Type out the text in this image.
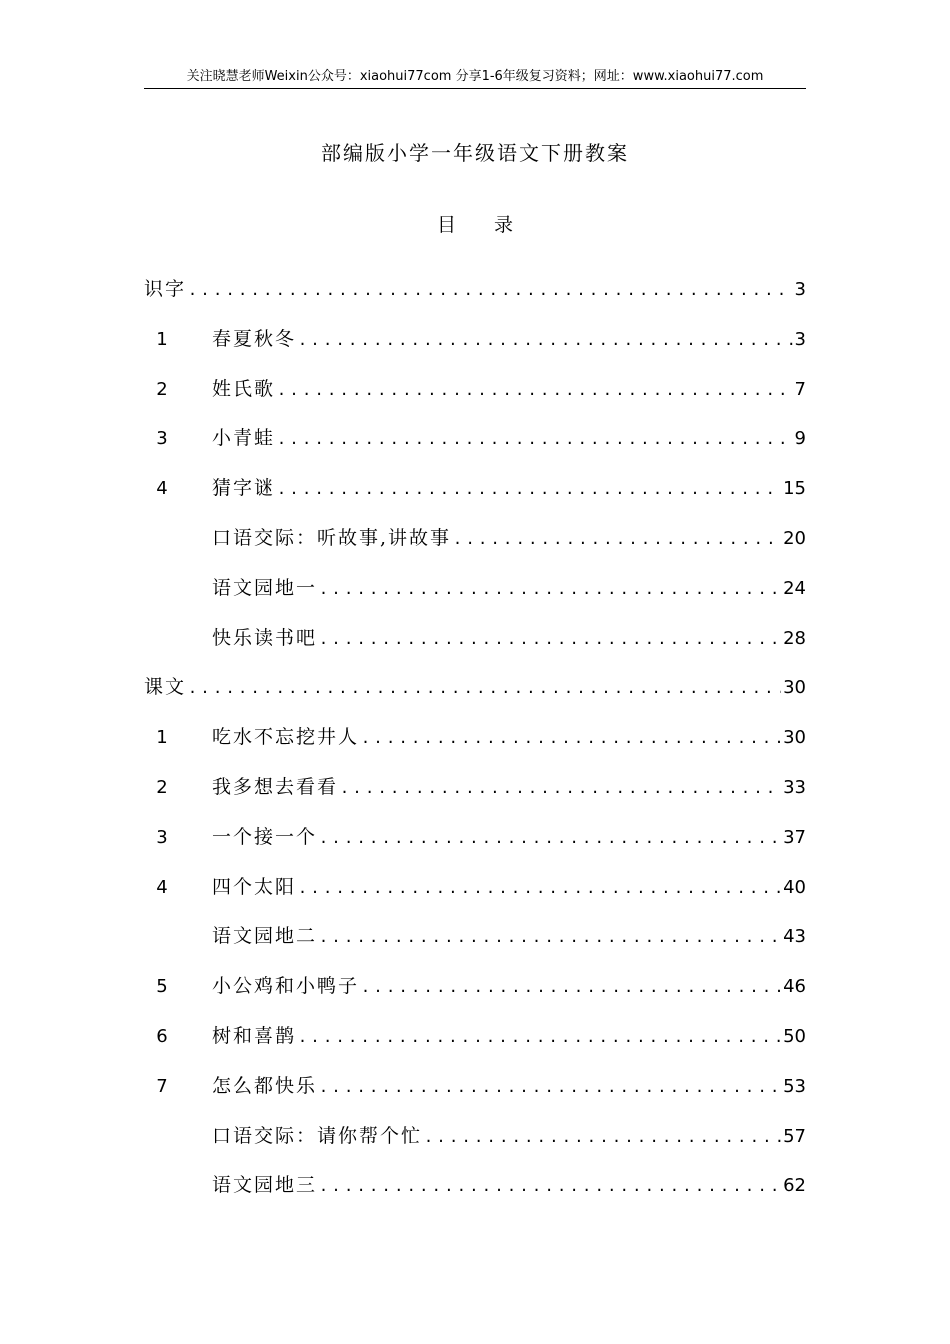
关注晓慧老师Weixin公众号：xiaohui77com 分享1-6年级复习资料；网址：www.xiaohui77.com
部编版小学一年级语文下册教案
目 录
识字 .....	3
1	春夏秋冬 .....	3
2	姓氏歌 .....	7
3	小青蛙 .....	9
4	猜字谜 .....	15
口语交际：听故事,讲故事 .....	20
语文园地一 .....	24
快乐读书吧 .....	28
课文 .....	30
1	吃水不忘挖井人 .....	30
2	我多想去看看 .....	33
3	一个接一个 .....	37
4	四个太阳 .....	40
语文园地二 .....	43
5	小公鸡和小鸭子 .....	46
6	树和喜鹊 .....	50
7	怎么都快乐 .....	53
口语交际：请你帮个忙 .....	57
语文园地三 .....	62
